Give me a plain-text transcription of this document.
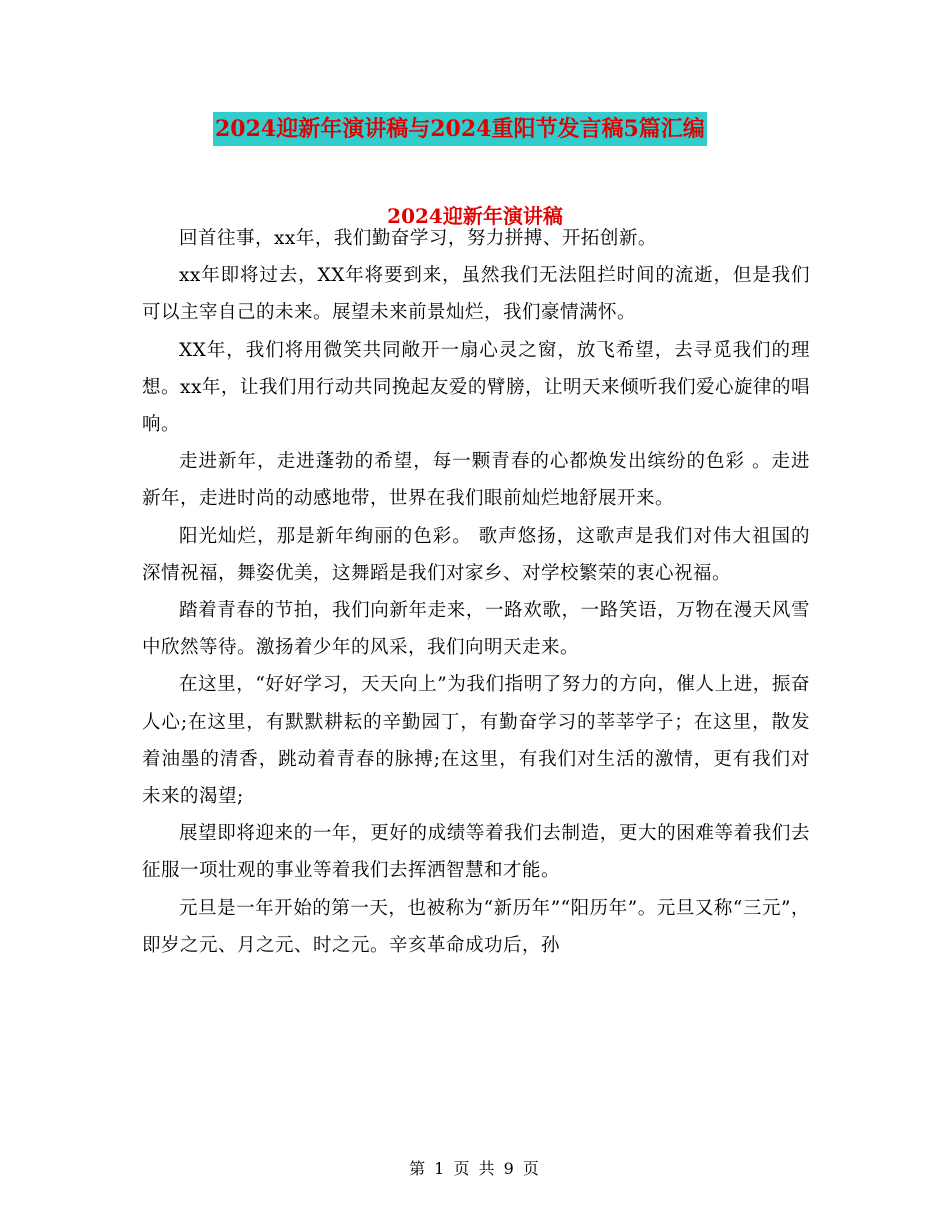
2024迎新年演讲稿与2024重阳节发言稿5篇汇编
2024迎新年演讲稿

回首往事，xx年，我们勤奋学习，努力拼搏、开拓创新。

xx年即将过去，XX年将要到来，虽然我们无法阻拦时间的流逝，但是我们可以主宰自己的未来。展望未来前景灿烂，我们豪情满怀。

XX年，我们将用微笑共同敞开一扇心灵之窗，放飞希望，去寻觅我们的理想。xx年，让我们用行动共同挽起友爱的臂膀，让明天来倾听我们爱心旋律的唱响。

走进新年，走进蓬勃的希望，每一颗青春的心都焕发出缤纷的色彩 。走进新年，走进时尚的动感地带，世界在我们眼前灿烂地舒展开来。

阳光灿烂，那是新年绚丽的色彩。 歌声悠扬，这歌声是我们对伟大祖国的深情祝福，舞姿优美，这舞蹈是我们对家乡、对学校繁荣的衷心祝福。

踏着青春的节拍，我们向新年走来，一路欢歌，一路笑语，万物在漫天风雪中欣然等待。激扬着少年的风采，我们向明天走来。

在这里，“好好学习，天天向上”为我们指明了努力的方向，催人上进，振奋人心;在这里，有默默耕耘的辛勤园丁，有勤奋学习的莘莘学子；在这里，散发着油墨的清香，跳动着青春的脉搏;在这里，有我们对生活的激情，更有我们对未来的渴望;

展望即将迎来的一年，更好的成绩等着我们去制造，更大的困难等着我们去征服一项壮观的事业等着我们去挥洒智慧和才能。

元旦是一年开始的第一天，也被称为“新历年”“阳历年”。元旦又称“三元”，即岁之元、月之元、时之元。辛亥革命成功后，孙

第 1 页 共 9 页
